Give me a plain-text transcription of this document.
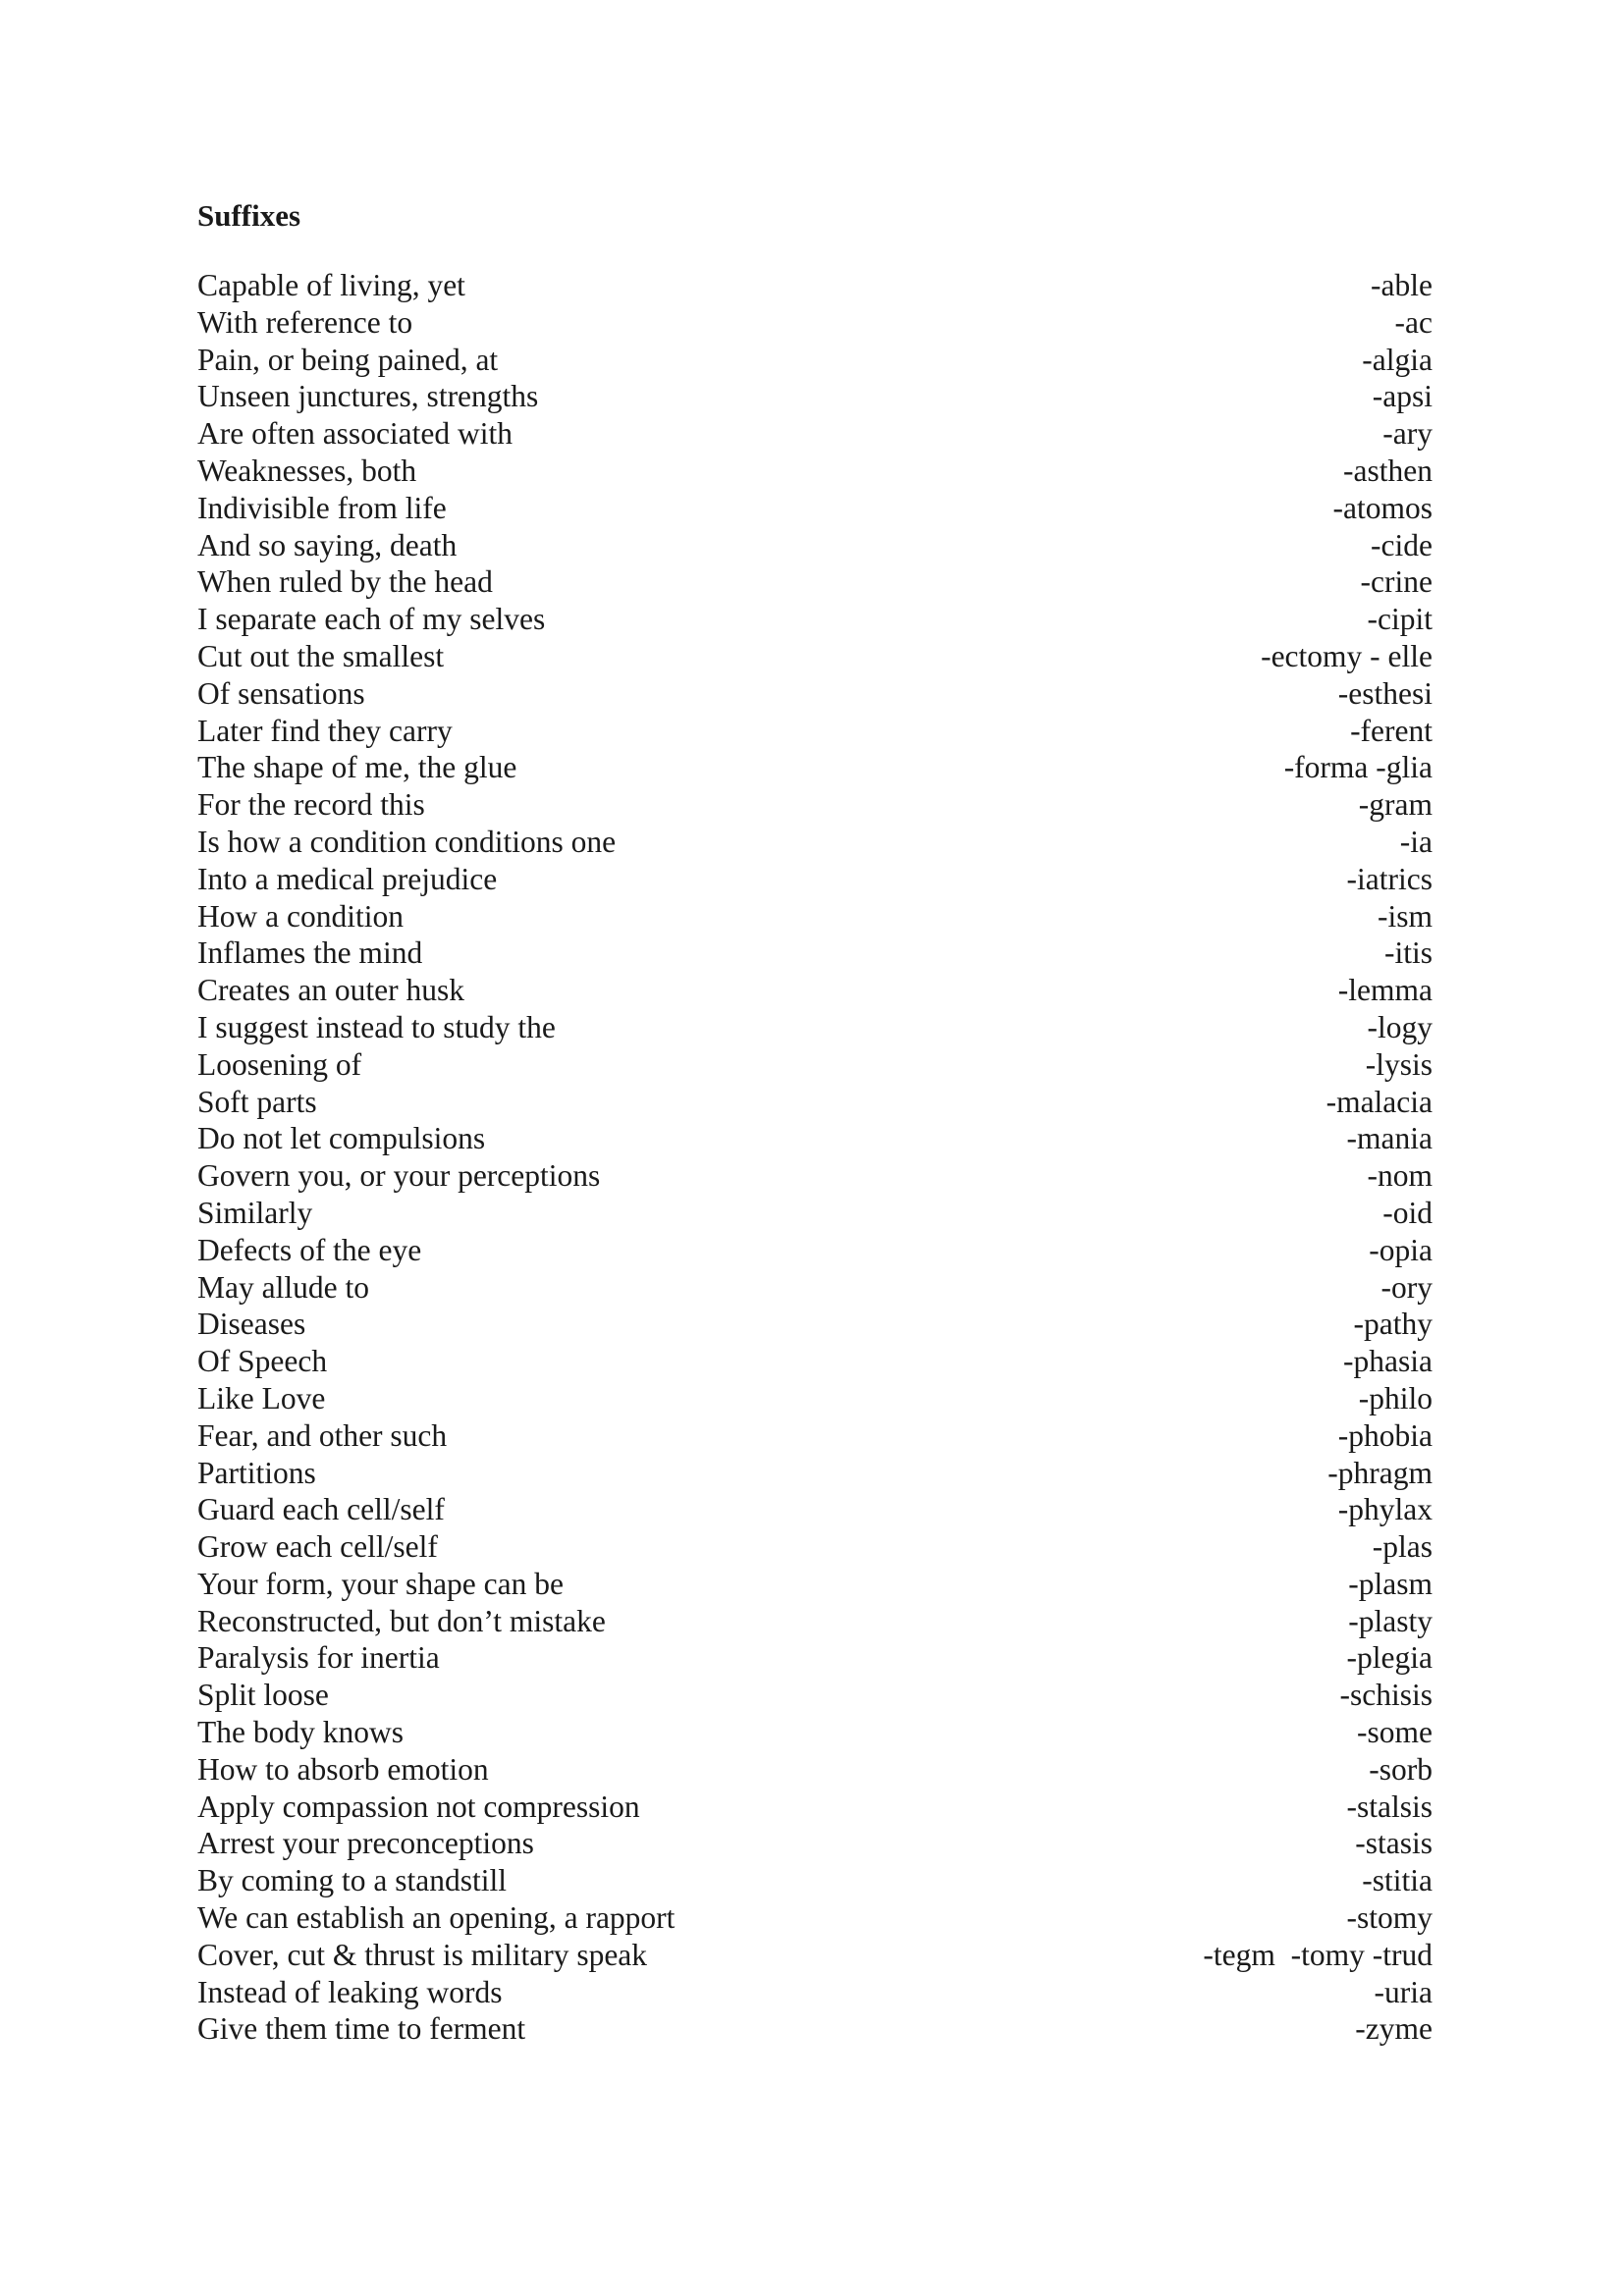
Suffixes
Capable of living, yet	-able
With reference to	-ac
Pain, or being pained, at	-algia
Unseen junctures, strengths	-apsi
Are often associated with	-ary
Weaknesses, both	-asthen
Indivisible from life	-atomos
And so saying, death	-cide
When ruled by the head	-crine
I separate each of my selves	-cipit
Cut out the smallest	-ectomy - elle
Of sensations	-esthesi
Later find they carry	-ferent
The shape of me, the glue	-forma -glia
For the record this	-gram
Is how a condition conditions one	-ia
Into a medical prejudice	-iatrics
How a condition	-ism
Inflames the mind	-itis
Creates an outer husk	-lemma
I suggest instead to study the	-logy
Loosening of	-lysis
Soft parts	-malacia
Do not let compulsions	-mania
Govern you, or your perceptions	-nom
Similarly	-oid
Defects of the eye	-opia
May allude to	-ory
Diseases	-pathy
Of Speech	-phasia
Like Love	-philo
Fear, and other such	-phobia
Partitions	-phragm
Guard each cell/self	-phylax
Grow each cell/self	-plas
Your form, your shape can be	-plasm
Reconstructed, but don’t mistake	-plasty
Paralysis for inertia	-plegia
Split loose	-schisis
The body knows	-some
How to absorb emotion	-sorb
Apply compassion not compression	-stalsis
Arrest your preconceptions	-stasis
By coming to a standstill	-stitia
We can establish an opening, a rapport	-stomy
Cover, cut & thrust is military speak	-tegm  -tomy -trud
Instead of leaking words	-uria
Give them time to ferment	-zyme
